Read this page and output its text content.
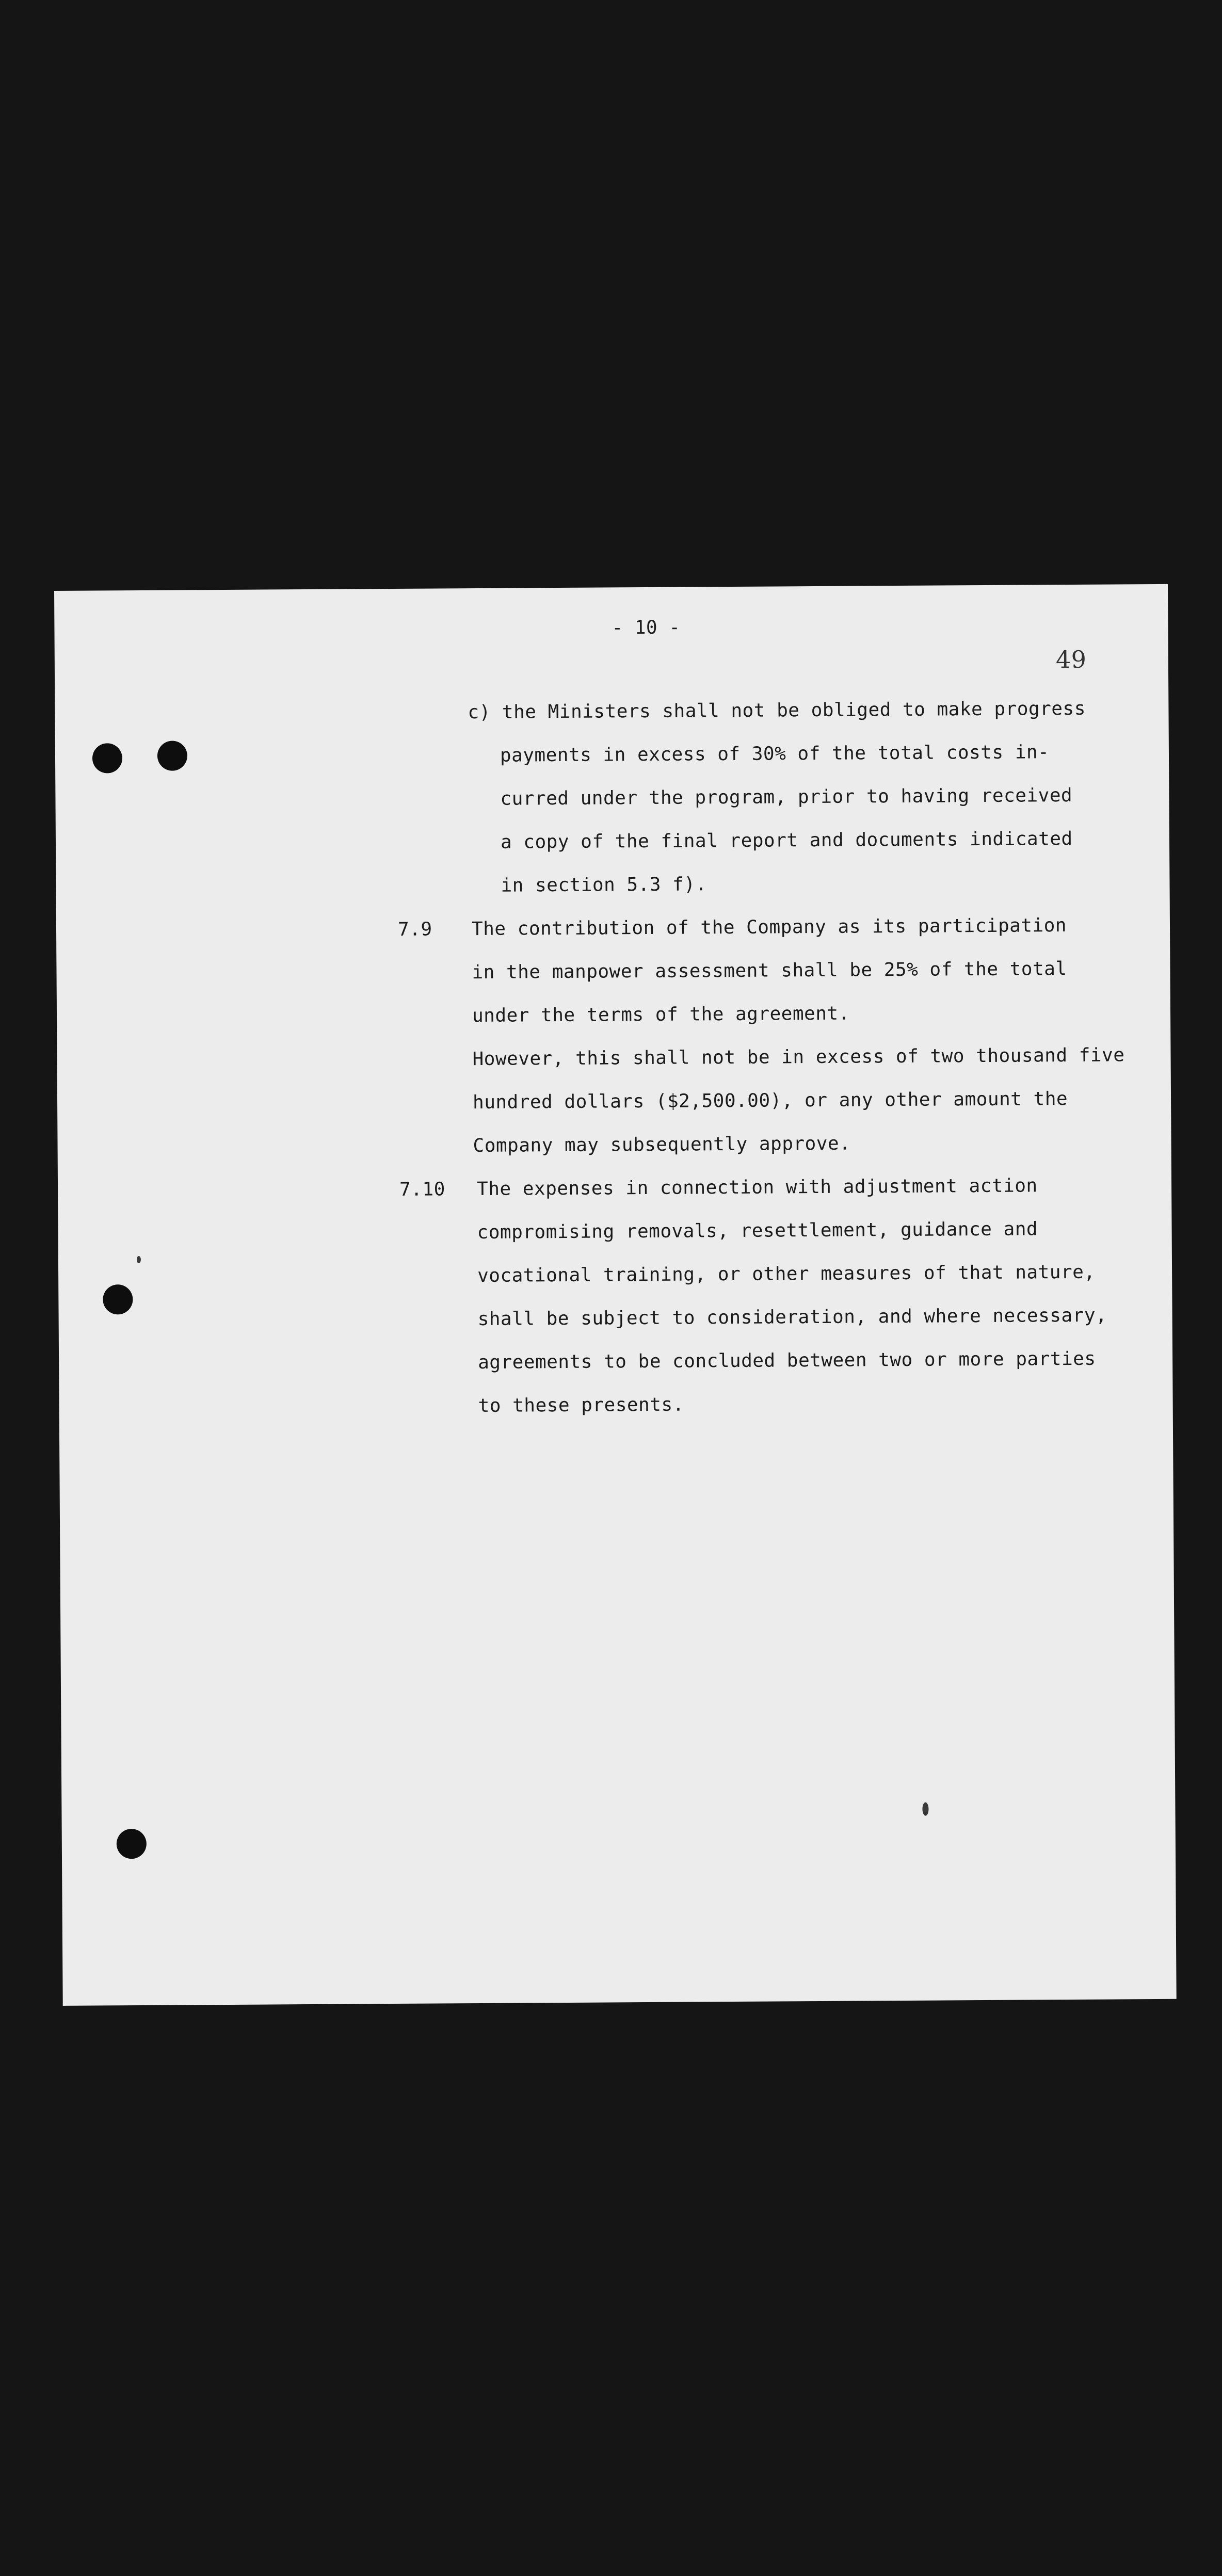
- 10 -
49
c) the Ministers shall not be obliged to make progress
payments in excess of 30% of the total costs in-
curred under the program, prior to having received
a copy of the final report and documents indicated
in section 5.3 f).
7.9 The contribution of the Company as its participation
in the manpower assessment shall be 25% of the total
under the terms of the agreement.
However, this shall not be in excess of two thousand five
hundred dollars ($2,500.00), or any other amount the
Company may subsequently approve.
7.10 The expenses in connection with adjustment action
compromising removals, resettlement, guidance and
vocational training, or other measures of that nature,
shall be subject to consideration, and where necessary,
agreements to be concluded between two or more parties
to these presents.
